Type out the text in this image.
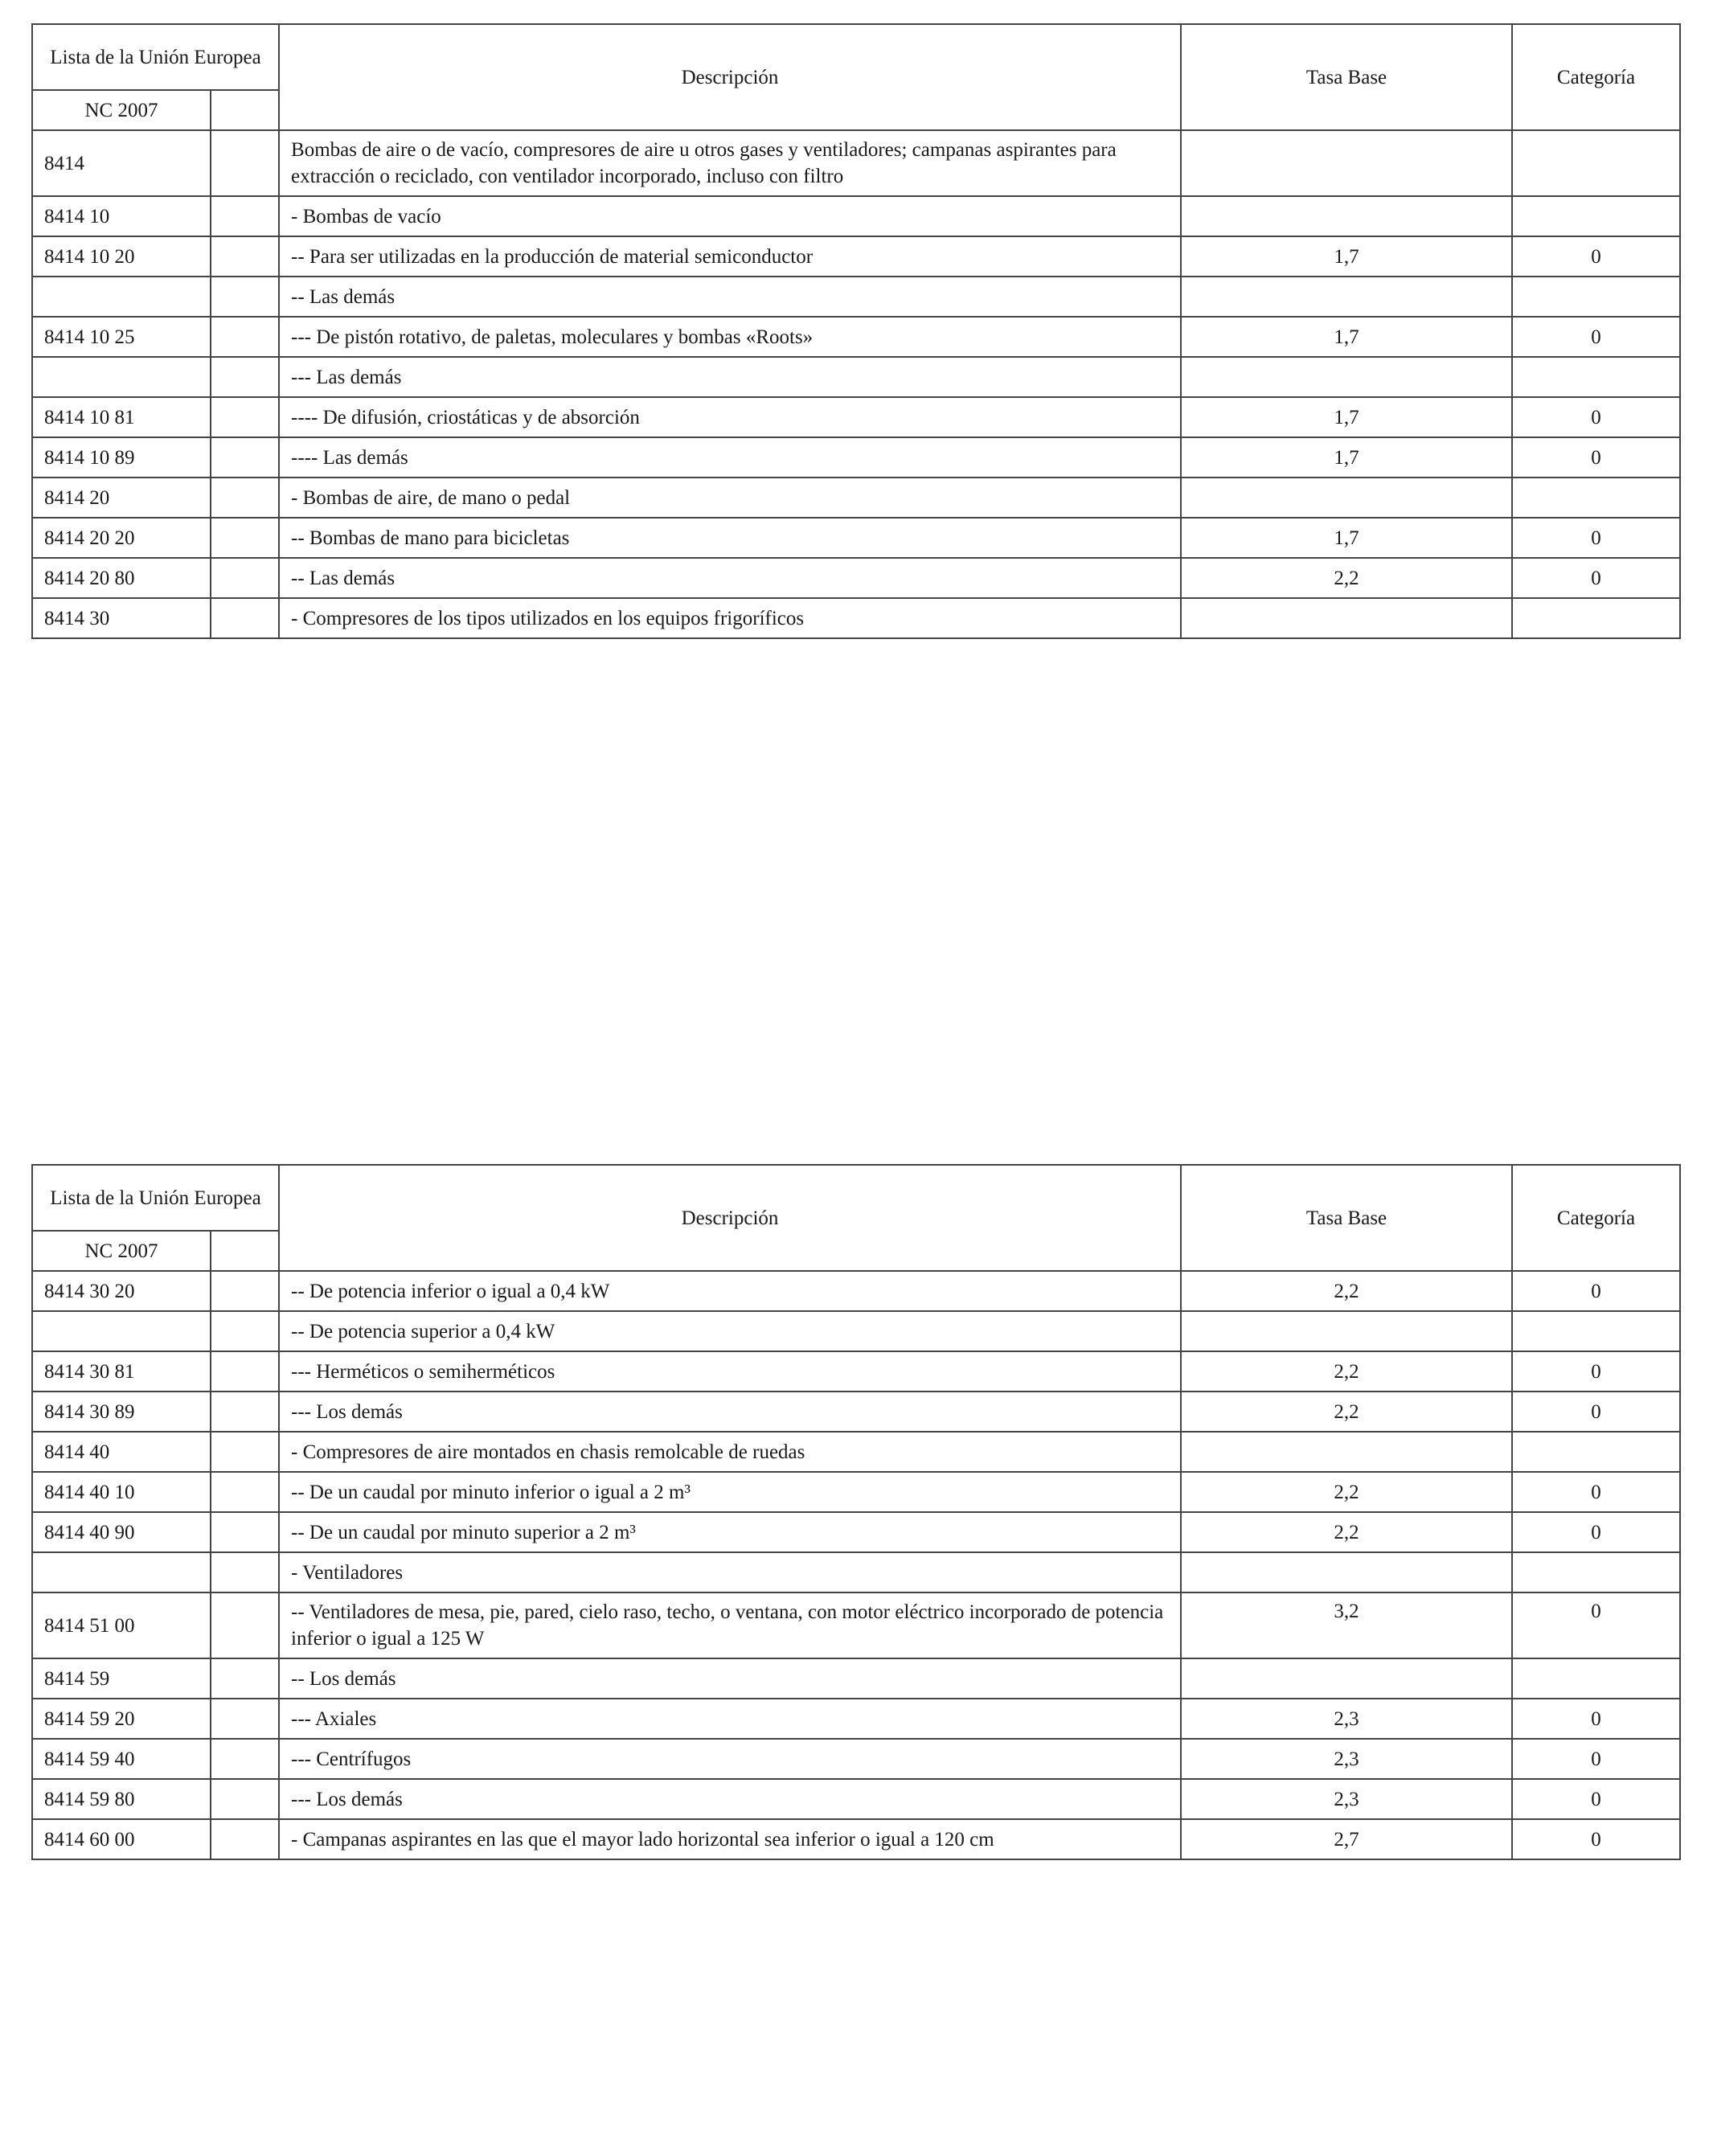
Lista de la Unión Europea		Descripción	Tasa Base	Categoría
NC 2007				
8414		Bombas de aire o de vacío, compresores de aire u otros gases y ventiladores; campanas aspirantes para extracción o reciclado, con ventilador incorporado, incluso con filtro		
8414 10		- Bombas de vacío		
8414 10 20		-- Para ser utilizadas en la producción de material semiconductor	1,7	0
		-- Las demás		
8414 10 25		--- De pistón rotativo, de paletas, moleculares y bombas «Roots»	1,7	0
		--- Las demás		
8414 10 81		---- De difusión, criostáticas y de absorción	1,7	0
8414 10 89		---- Las demás	1,7	0
8414 20		- Bombas de aire, de mano o pedal		
8414 20 20		-- Bombas de mano para bicicletas	1,7	0
8414 20 80		-- Las demás	2,2	0
8414 30		- Compresores de los tipos utilizados en los equipos frigoríficos		
Lista de la Unión Europea		Descripción	Tasa Base	Categoría
NC 2007				
8414 30 20		-- De potencia inferior o igual a 0,4 kW	2,2	0
		-- De potencia superior a 0,4 kW		
8414 30 81		--- Herméticos o semiherméticos	2,2	0
8414 30 89		--- Los demás	2,2	0
8414 40		- Compresores de aire montados en chasis remolcable de ruedas		
8414 40 10		-- De un caudal por minuto inferior o igual a 2 m³	2,2	0
8414 40 90		-- De un caudal por minuto superior a 2 m³	2,2	0
		- Ventiladores		
8414 51 00		-- Ventiladores de mesa, pie, pared, cielo raso, techo, o ventana, con motor eléctrico incorporado de potencia inferior o igual a 125 W	3,2	0
8414 59		-- Los demás		
8414 59 20		--- Axiales	2,3	0
8414 59 40		--- Centrífugos	2,3	0
8414 59 80		--- Los demás	2,3	0
8414 60 00		- Campanas aspirantes en las que el mayor lado horizontal sea inferior o igual a 120 cm	2,7	0
